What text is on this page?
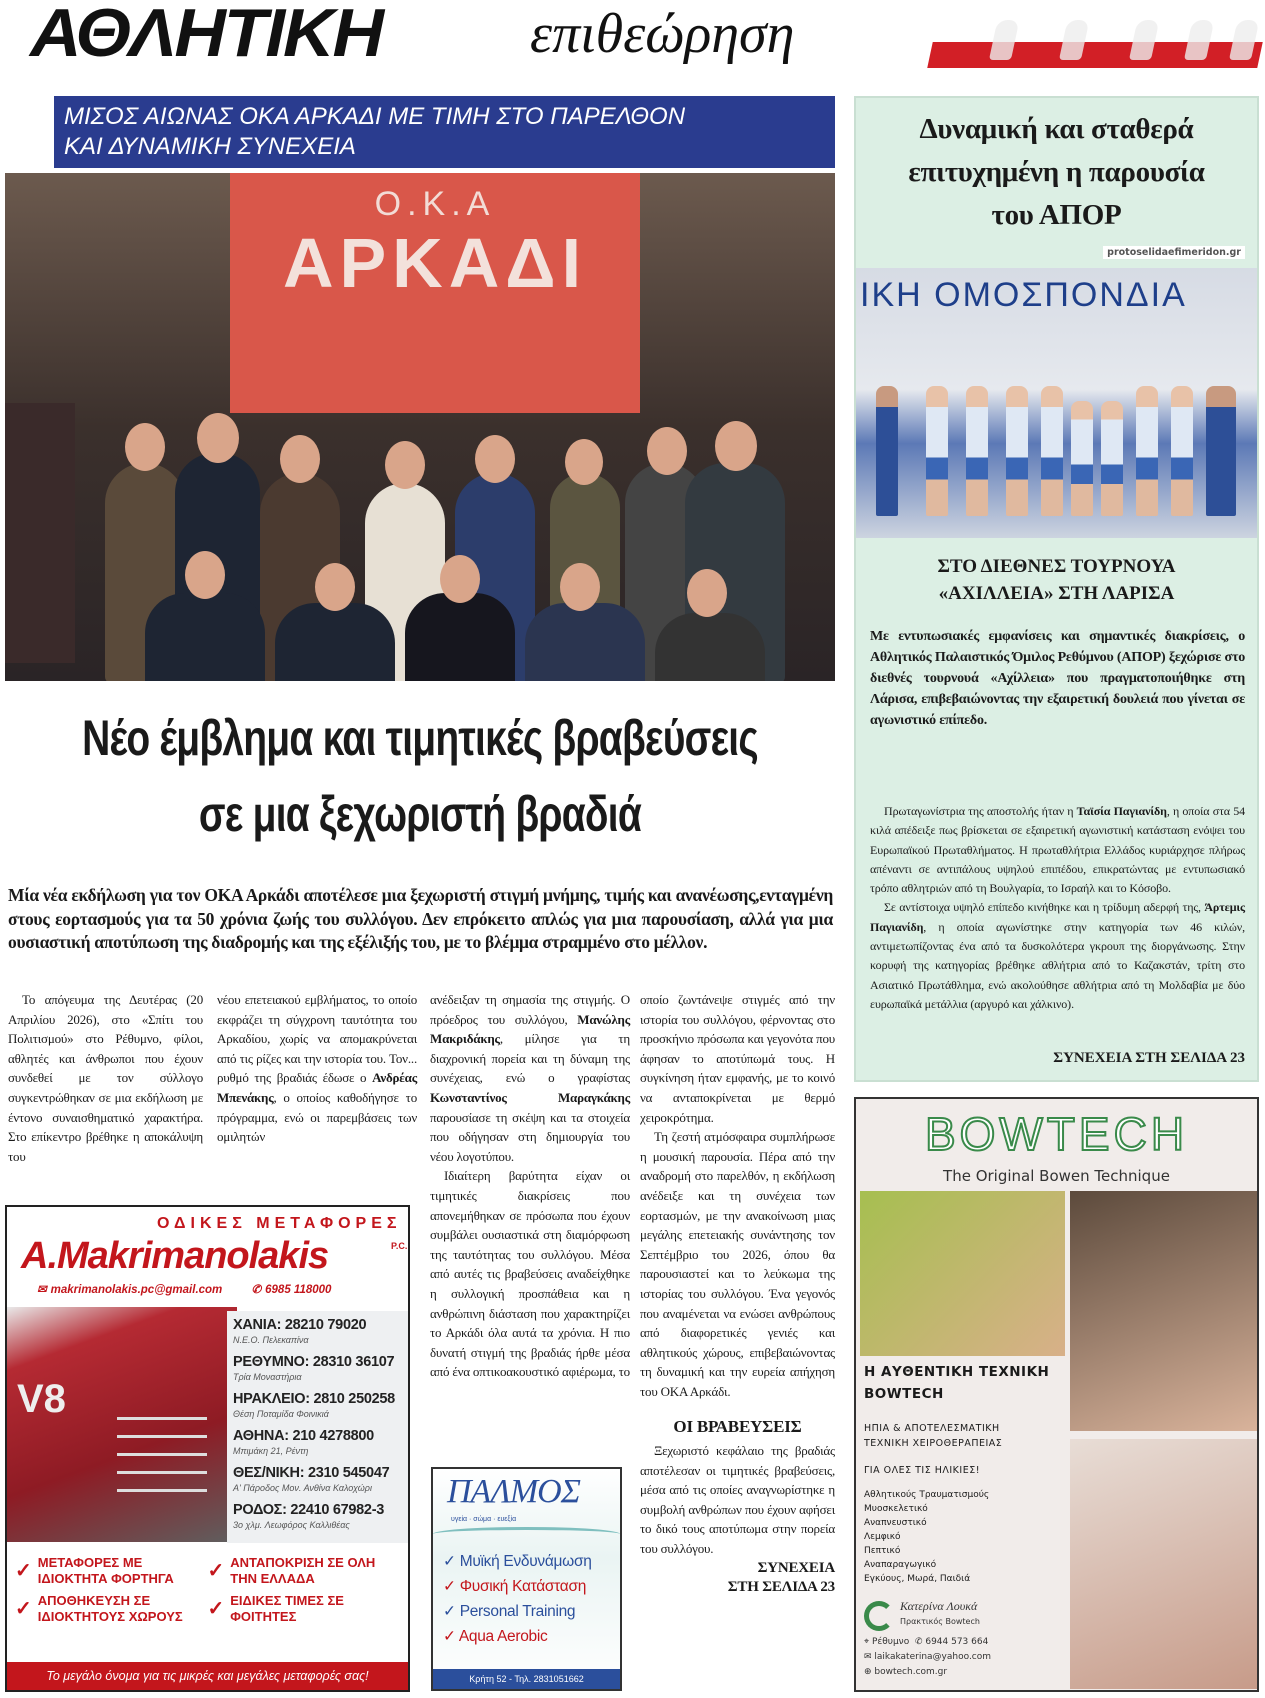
ΑΘΛΗΤΙΚΗ	επιθεώρηση
ΜΙΣΟΣ ΑΙΩΝΑΣ ΟΚΑ ΑΡΚΑΔΙ ΜΕ ΤΙΜΗ ΣΤΟ ΠΑΡΕΛΘΟΝ
ΚΑΙ ΔΥΝΑΜΙΚΗ ΣΥΝΕΧΕΙΑ
Ο.Κ.Α
ΑΡΚΑΔΙ
Νέο έμβλημα και τιμητικές βραβεύσεις
σε μια ξεχωριστή βραδιά
Μία νέα εκδήλωση για τον ΟΚΑ Αρκάδι αποτέλεσε μια ξεχωριστή στιγμή μνήμης, τιμής και ανανέωσης,ενταγμένη στους εορτασμούς για τα 50 χρόνια ζωής του συλλόγου. Δεν επρόκειτο απλώς για μια παρουσίαση, αλλά για μια ουσιαστική αποτύπωση της διαδρομής και της εξέλιξής του, με το βλέμμα στραμμένο στο μέλλον.

Το απόγευμα της Δευτέρας (20 Απριλίου 2026), στο «Σπίτι του Πολιτισμού» στο Ρέθυμνο, φίλοι, αθλητές και άνθρωποι που έχουν συνδεθεί με τον σύλλογο συγκεντρώθηκαν σε μια εκδήλωση με έντονο συναισθηματικό χαρακτήρα. Στο επίκεντρο βρέθηκε η αποκάλυψη του

νέου επετειακού εμβλήματος, το οποίο εκφράζει τη σύγχρονη ταυτότητα του Αρκαδίου, χωρίς να απομακρύνεται από τις ρίζες και την ιστορία του. Τον... ρυθμό της βραδιάς έδωσε ο Ανδρέας Μπενάκης, ο οποίος καθοδήγησε το πρόγραμμα, ενώ οι παρεμβάσεις των ομιλητών

ανέδειξαν τη σημασία της στιγμής. Ο πρόεδρος του συλλόγου, Μανώλης Μακριδάκης, μίλησε για τη διαχρονική πορεία και τη δύναμη της συνέχειας, ενώ ο γραφίστας Κωνσταντίνος Μαραγκάκης παρουσίασε τη σκέψη και τα στοιχεία που οδήγησαν στη δημιουργία του νέου λογοτύπου.

Ιδιαίτερη βαρύτητα είχαν οι τιμητικές διακρίσεις που απονεμήθηκαν σε πρόσωπα που έχουν συμβάλει ουσιαστικά στη διαμόρφωση της ταυτότητας του συλλόγου. Μέσα από αυτές τις βραβεύσεις αναδείχθηκε η συλλογική προσπάθεια και η ανθρώπινη διάσταση που χαρακτηρίζει το Αρκάδι όλα αυτά τα χρόνια. Η πιο δυνατή στιγμή της βραδιάς ήρθε μέσα από ένα οπτικοακουστικό αφιέρωμα, το

οποίο ζωντάνεψε στιγμές από την ιστορία του συλλόγου, φέρνοντας στο προσκήνιο πρόσωπα και γεγονότα που άφησαν το αποτύπωμά τους. Η συγκίνηση ήταν εμφανής, με το κοινό να ανταποκρίνεται με θερμό χειροκρότημα.

Τη ζεστή ατμόσφαιρα συμπλήρωσε η μουσική παρουσία. Πέρα από την αναδρομή στο παρελθόν, η εκδήλωση ανέδειξε και τη συνέχεια των εορτασμών, με την ανακοίνωση μιας μεγάλης επετειακής συνάντησης τον Σεπτέμβριο του 2026, όπου θα παρουσιαστεί και το λεύκωμα της ιστορίας του συλλόγου. Ένα γεγονός που αναμένεται να ενώσει ανθρώπους από διαφορετικές γενιές και αθλητικούς χώρους, επιβεβαιώνοντας τη δυναμική και την ευρεία απήχηση του ΟΚΑ Αρκάδι.

ΟΙ ΒΡΑΒΕΥΣΕΙΣ

Ξεχωριστό κεφάλαιο της βραδιάς αποτέλεσαν οι τιμητικές βραβεύσεις, μέσα από τις οποίες αναγνωρίστηκε η συμβολή ανθρώπων που έχουν αφήσει το δικό τους αποτύπωμα στην πορεία του συλλόγου.

ΣΥΝΕΧΕΙΑ
ΣΤΗ ΣΕΛΙΔΑ 23
Δυναμική και σταθερά
επιτυχημένη η παρουσία
του ΑΠΟΡ
protoselidaefimeridon.gr
ΙΚΗ ΟΜΟΣΠΟΝΔΙΑ
ΣΤΟ ΔΙΕΘΝΕΣ ΤΟΥΡΝΟΥΑ
«ΑΧΙΛΛΕΙΑ» ΣΤΗ ΛΑΡΙΣΑ
Με εντυπωσιακές εμφανίσεις και σημαντικές διακρίσεις, ο Αθλητικός Παλαιστικός Όμιλος Ρεθύμνου (ΑΠΟΡ) ξεχώρισε στο διεθνές τουρνουά «Αχίλλεια» που πραγματοποιήθηκε στη Λάρισα, επιβεβαιώνοντας την εξαιρετική δουλειά που γίνεται σε αγωνιστικό επίπεδο.

Πρωταγωνίστρια της αποστολής ήταν η Ταϊσία Παγιανίδη, η οποία στα 54 κιλά απέδειξε πως βρίσκεται σε εξαιρετική αγωνιστική κατάσταση ενόψει του Ευρωπαϊκού Πρωταθλήματος. Η πρωταθλήτρια Ελλάδος κυριάρχησε πλήρως απέναντι σε αντιπάλους υψηλού επιπέδου, επικρατώντας με εντυπωσιακό τρόπο αθλητριών από τη Βουλγαρία, το Ισραήλ και το Κόσοβο.

Σε αντίστοιχα υψηλό επίπεδο κινήθηκε και η τρίδυμη αδερφή της, Άρτεμις Παγιανίδη, η οποία αγωνίστηκε στην κατηγορία των 46 κιλών, αντιμετωπίζοντας ένα από τα δυσκολότερα γκρουπ της διοργάνωσης. Στην κορυφή της κατηγορίας βρέθηκε αθλήτρια από το Καζακστάν, τρίτη στο Ασιατικό Πρωτάθλημα, ενώ ακολούθησε αθλήτρια από τη Μολδαβία με δύο ευρωπαϊκά μετάλλια (αργυρό και χάλκινο).

ΣΥΝΕΧΕΙΑ ΣΤΗ ΣΕΛΙΔΑ 23
ΟΔΙΚΕΣ ΜΕΤΑΦΟΡΕΣ
A.Makrimanolakis	P.C.
✉ makrimanolakis.pc@gmail.com	✆ 6985 118000
V8
ΧΑΝΙΑ: 28210 79020
Ν.Ε.Ο. Πελεκαπίνα
ΡΕΘΥΜΝΟ: 28310 36107
Τρία Μοναστήρια
ΗΡΑΚΛΕΙΟ: 2810 250258
Θέση Ποταμίδα Φοινικιά
ΑΘΗΝΑ: 210 4278800
Μπιμάκη 21, Ρέντη
ΘΕΣ/ΝΙΚΗ: 2310 545047
Α' Πάροδος Μον. Ανθίνα Καλοχώρι
ΡΟΔΟΣ: 22410 67982-3
3ο χλμ. Λεωφόρος Καλλιθέας
✓ ΜΕΤΑΦΟΡΕΣ ΜΕ ΙΔΙΟΚΤΗΤΑ ΦΟΡΤΗΓΑ	✓ ΑΝΤΑΠΟΚΡΙΣΗ ΣΕ ΟΛΗ ΤΗΝ ΕΛΛΑΔΑ
✓ ΑΠΟΘΗΚΕΥΣΗ ΣΕ ΙΔΙΟΚΤΗΤΟΥΣ ΧΩΡΟΥΣ	✓ ΕΙΔΙΚΕΣ ΤΙΜΕΣ ΣΕ ΦΟΙΤΗΤΕΣ
Το μεγάλο όνομα για τις μικρές και μεγάλες μεταφορές σας!
ΠΑΛΜΟΣ
υγεία · σώμα · ευεξία
✓ Μυϊκή Ενδυνάμωση
✓ Φυσική Κατάσταση
✓ Personal Training
✓ Aqua Aerobic
Κρήτη 52 - Τηλ. 2831051662
BOWTECH
The Original Bowen Technique
Η ΑΥΘΕΝΤΙΚΗ ΤΕΧΝΙΚΗ
BOWTECH
ΗΠΙΑ & ΑΠΟΤΕΛΕΣΜΑΤΙΚΗ
ΤΕΧΝΙΚΗ ΧΕΙΡΟΘΕΡΑΠΕΙΑΣ
ΓΙΑ ΟΛΕΣ ΤΙΣ ΗΛΙΚΙΕΣ!
Αθλητικούς Τραυματισμούς
Μυοσκελετικό
Αναπνευστικό
Λεμφικό
Πεπτικό
Αναπαραγωγικό
Εγκύους, Μωρά, Παιδιά
Κατερίνα Λουκά
Πρακτικός Bowtech
⌖ Ρέθυμνο ✆ 6944 573 664
✉ laikakaterina@yahoo.com
⊕ bowtech.com.gr
